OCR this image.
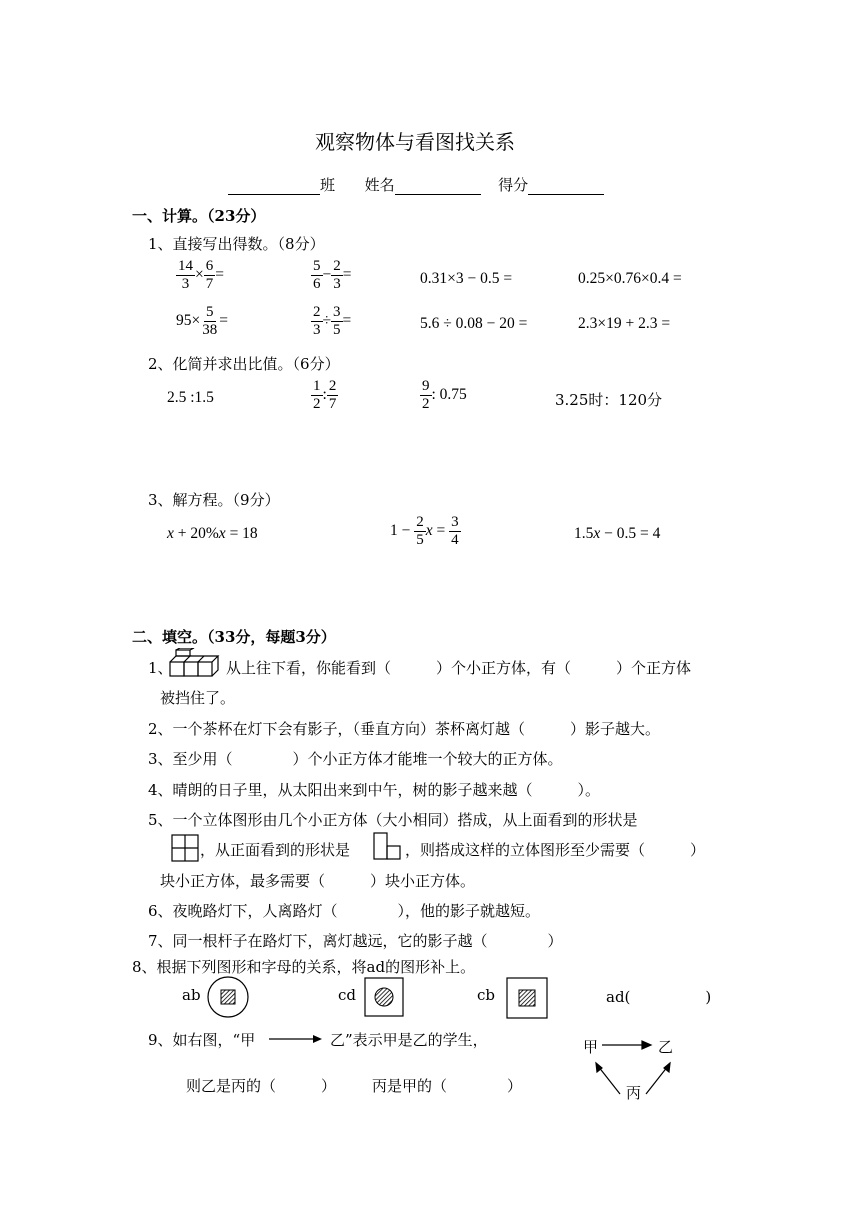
观察物体与看图找关系
班 姓名	得分
一、计算。（23分）
1、直接写出得数。（8分）
$\frac{14}{3} \times \frac{6}{7}$ =	$\frac{5}{6} - \frac{2}{3}$ =	0.31×3 − 0.5 =	0.25×0.76×0.4 =
$95\times \frac{5}{38}$ =	$\frac{2}{3} \div \frac{3}{5}$ =	5.6 ÷ 0.08 − 20 =	2.3×19 + 2.3 =
2、化简并求出比值。（6分）
2.5 :1.5	$\frac{1}{2}$ : $\frac{2}{7}$	$\frac{9}{2}$ : 0.75	3.25时：120分
3、解方程。（9分）
x + 20%x = 18	$1 - \frac{2}{5}$ $x = \frac{3}{4}$	1.5x − 0.5 = 4
二、填空。（33分，每题3分）
1、	从上往下看，你能看到（　　　）个小正方体，有（　　　）个正方体
被挡住了。
2、一个茶杯在灯下会有影子，（垂直方向）茶杯离灯越（　　　）影子越大。
3、至少用（　　　　）个小正方体才能堆一个较大的正方体。
4、晴朗的日子里，从太阳出来到中午，树的影子越来越（　　　）。
5、一个立体图形由几个小正方体（大小相同）搭成，从上面看到的形状是
，从正面看到的形状是	，则搭成这样的立体图形至少需要（　　　）
块小正方体，最多需要（　　　）块小正方体。
6、夜晚路灯下，人离路灯（　　　　），他的影子就越短。
7、同一根杆子在路灯下，离灯越远，它的影子越（　　　　）
8、根据下列图形和字母的关系，将ad的图形补上。
ab	cd	cb	ad(　　　　　)
9、如右图，“甲	乙”表示甲是乙的学生，
则乙是丙的（　　　） 丙是甲的（　　　　）
甲	乙
丙
